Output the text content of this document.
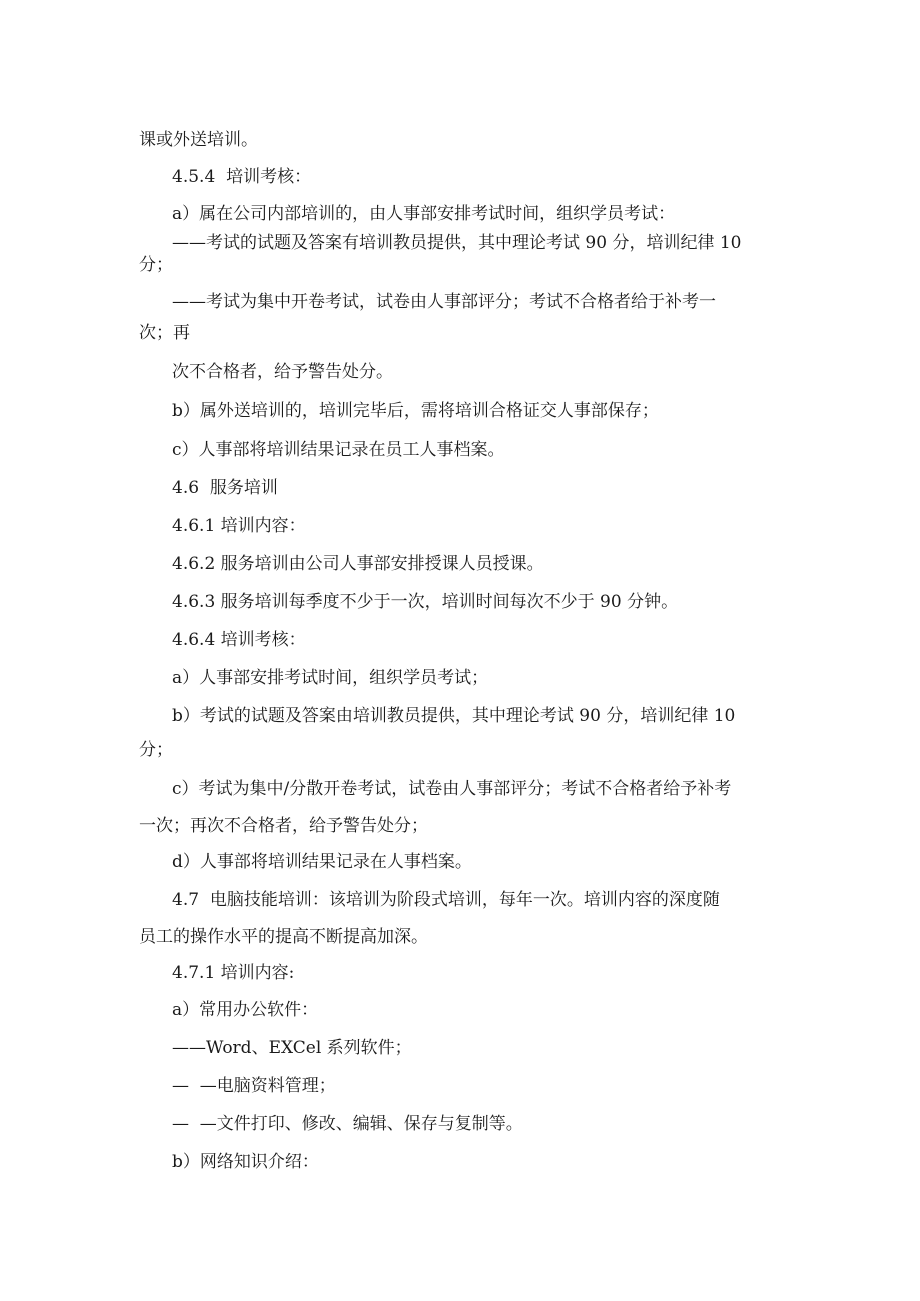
课或外送培训。
4.5.4  培训考核：
a）属在公司内部培训的，由人事部安排考试时间，组织学员考试：
——考试的试题及答案有培训教员提供，其中理论考试 90 分，培训纪律 10
分；
——考试为集中开卷考试，试卷由人事部评分；考试不合格者给于补考一
次；再
次不合格者，给予警告处分。
b）属外送培训的，培训完毕后，需将培训合格证交人事部保存；
c）人事部将培训结果记录在员工人事档案。
4.6  服务培训
4.6.1 培训内容：
4.6.2 服务培训由公司人事部安排授课人员授课。
4.6.3 服务培训每季度不少于一次，培训时间每次不少于 90 分钟。
4.6.4 培训考核：
a）人事部安排考试时间，组织学员考试；
b）考试的试题及答案由培训教员提供，其中理论考试 90 分，培训纪律 10
分；
c）考试为集中/分散开卷考试，试卷由人事部评分；考试不合格者给予补考
一次；再次不合格者，给予警告处分；
d）人事部将培训结果记录在人事档案。
4.7  电脑技能培训：该培训为阶段式培训，每年一次。培训内容的深度随
员工的操作水平的提高不断提高加深。
4.7.1 培训内容:
a）常用办公软件：
——Word、EXCel 系列软件；
—  —电脑资料管理；
—  —文件打印、修改、编辑、保存与复制等。
b）网络知识介绍：
